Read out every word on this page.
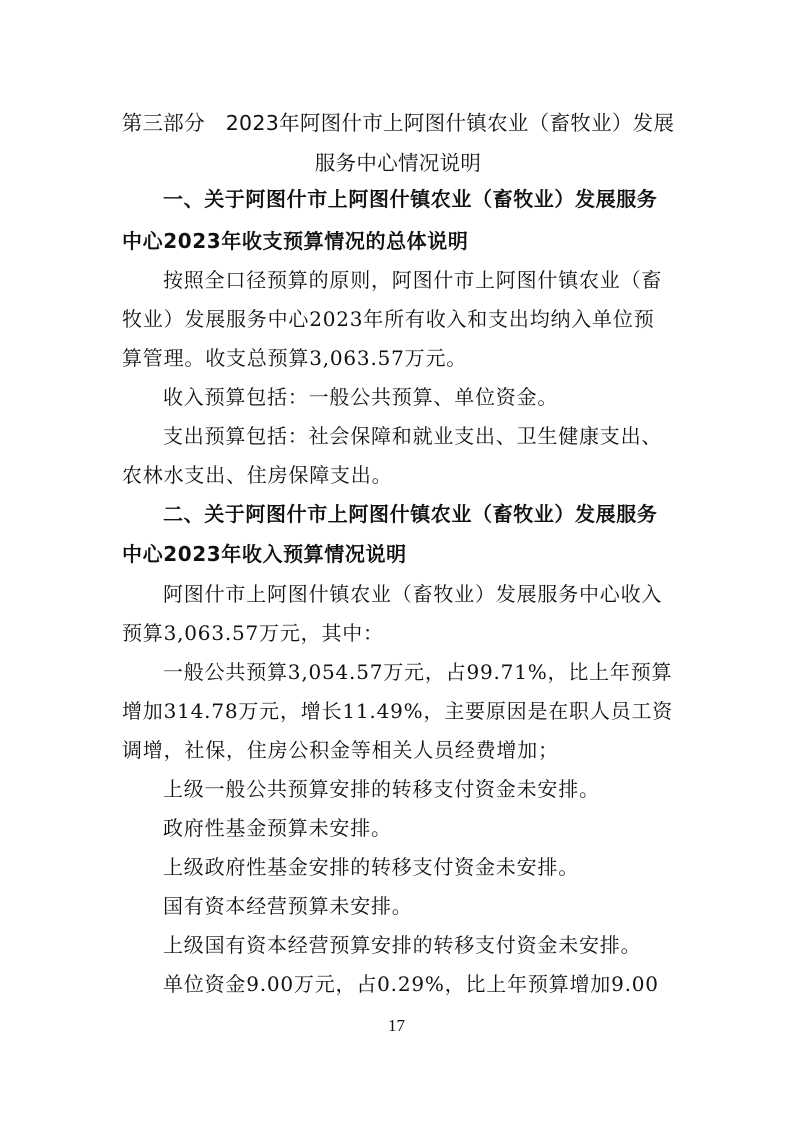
第三部分　2023年阿图什市上阿图什镇农业（畜牧业）发展
服务中心情况说明
一、关于阿图什市上阿图什镇农业（畜牧业）发展服务
中心2023年收支预算情况的总体说明
按照全口径预算的原则，阿图什市上阿图什镇农业（畜
牧业）发展服务中心2023年所有收入和支出均纳入单位预
算管理。收支总预算3,063.57万元。
收入预算包括：一般公共预算、单位资金。
支出预算包括：社会保障和就业支出、卫生健康支出、
农林水支出、住房保障支出。
二、关于阿图什市上阿图什镇农业（畜牧业）发展服务
中心2023年收入预算情况说明
阿图什市上阿图什镇农业（畜牧业）发展服务中心收入
预算3,063.57万元，其中：
一般公共预算3,054.57万元，占99.71%，比上年预算
增加314.78万元，增长11.49%，主要原因是在职人员工资
调增，社保，住房公积金等相关人员经费增加；
上级一般公共预算安排的转移支付资金未安排。
政府性基金预算未安排。
上级政府性基金安排的转移支付资金未安排。
国有资本经营预算未安排。
上级国有资本经营预算安排的转移支付资金未安排。
单位资金9.00万元，占0.29%，比上年预算增加9.00
17
